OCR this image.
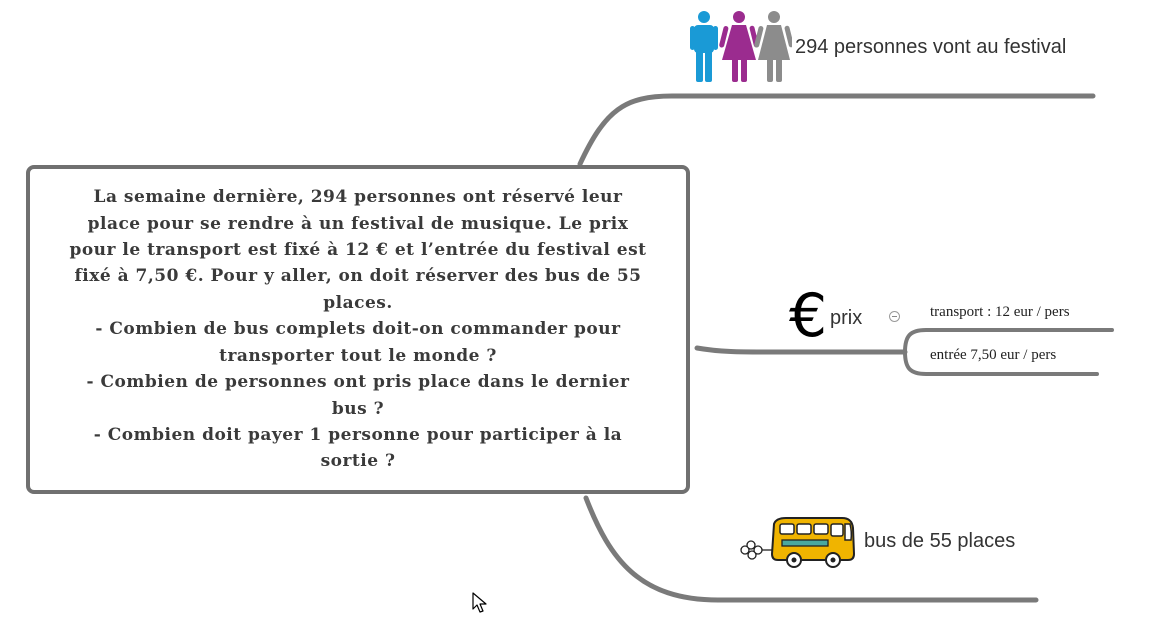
La semaine dernière, 294 personnes ont réservé leur
place pour se rendre à un festival de musique. Le prix
pour le transport est fixé à 12 € et l’entrée du festival est
fixé à 7,50 €. Pour y aller, on doit réserver des bus de 55
places.
- Combien de bus complets doit-on commander pour
transporter tout le monde ?
- Combien de personnes ont pris place dans le dernier
bus ?
- Combien doit payer 1 personne pour participer à la
sortie ?
294 personnes vont au festival
€ prix	transport : 12 eur / pers
entrée 7,50 eur / pers
bus de 55 places
